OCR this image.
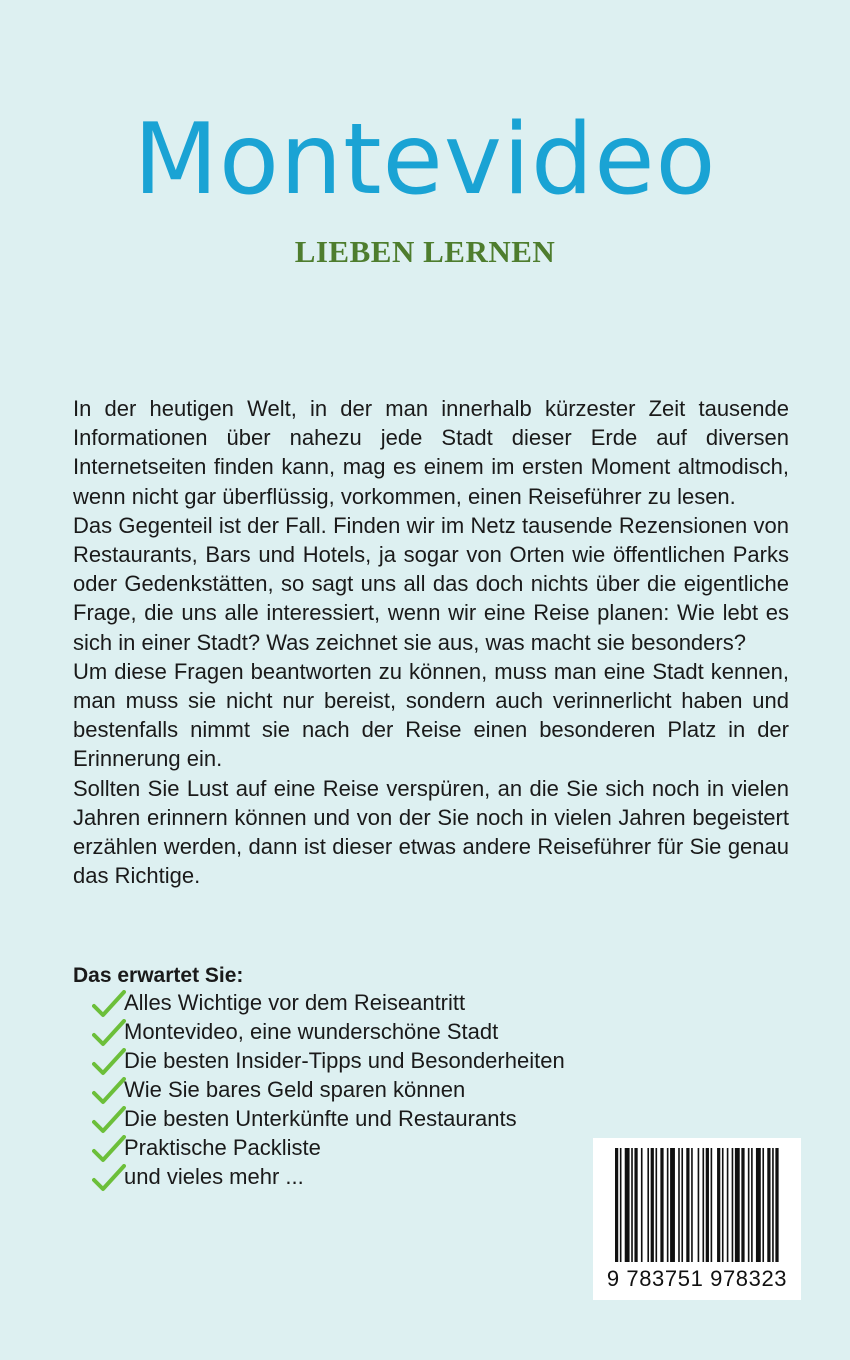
Montevideo
LIEBEN LERNEN

In der heutigen Welt, in der man innerhalb kürzester Zeit tausende Informationen über nahezu jede Stadt dieser Erde auf diversen Internetseiten finden kann, mag es einem im ersten Moment altmodisch, wenn nicht gar überflüssig, vorkommen, einen Reiseführer zu lesen.

Das Gegenteil ist der Fall. Finden wir im Netz tausende Rezensionen von Restaurants, Bars und Hotels, ja sogar von Orten wie öffentlichen Parks oder Gedenkstätten, so sagt uns all das doch nichts über die eigentliche Frage, die uns alle interessiert, wenn wir eine Reise planen: Wie lebt es sich in einer Stadt? Was zeichnet sie aus, was macht sie besonders?

Um diese Fragen beantworten zu können, muss man eine Stadt kennen, man muss sie nicht nur bereist, sondern auch verinnerlicht haben und bestenfalls nimmt sie nach der Reise einen besonderen Platz in der Erinnerung ein.

Sollten Sie Lust auf eine Reise verspüren, an die Sie sich noch in vielen Jahren erinnern können und von der Sie noch in vielen Jahren begeistert erzählen werden, dann ist dieser etwas andere Reiseführer für Sie genau das Richtige.

Das erwartet Sie:
Alles Wichtige vor dem Reiseantritt
Montevideo, eine wunderschöne Stadt
Die besten Insider-Tipps und Besonderheiten
Wie Sie bares Geld sparen können
Die besten Unterkünfte und Restaurants
Praktische Packliste
und vieles mehr ...
9 783751 978323
